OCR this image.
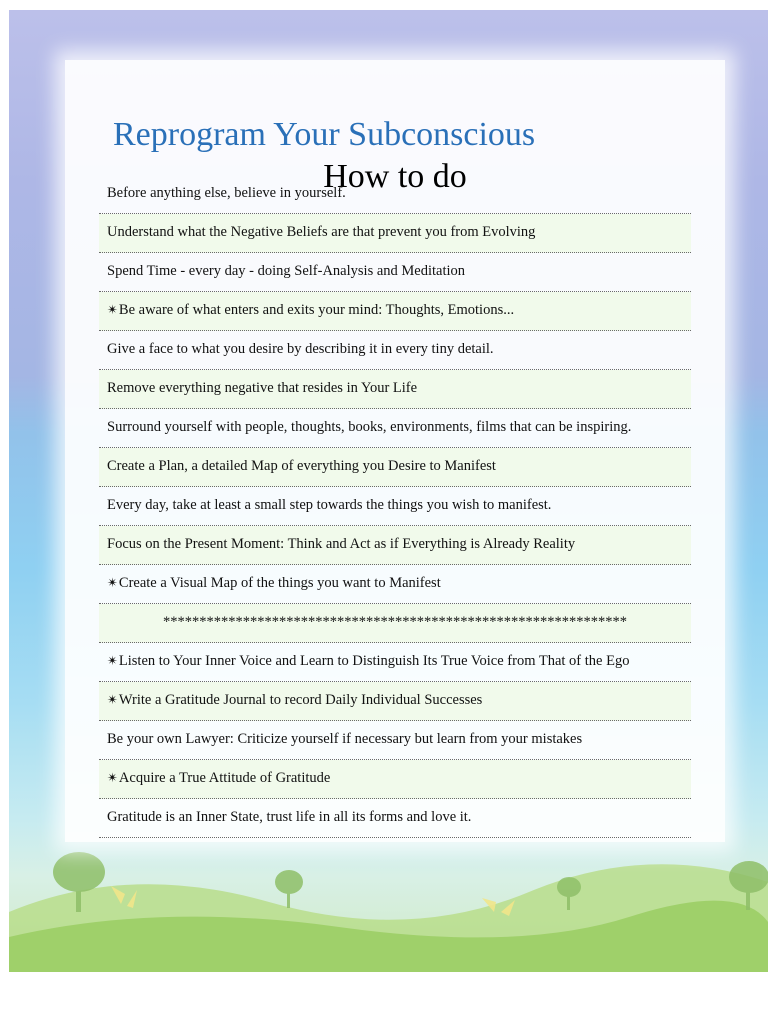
Reprogram Your Subconscious
How to do
Before anything else, believe in yourself.
Understand what the Negative Beliefs are that prevent you from Evolving
Spend Time - every day - doing Self-Analysis and Meditation
✴Be aware of what enters and exits your mind: Thoughts, Emotions...
Give a face to what you desire by describing it in every tiny detail.
Remove everything negative that resides in Your Life
Surround yourself with people, thoughts, books, environments, films that can be inspiring.
Create a Plan, a detailed Map of everything you Desire to Manifest
Every day, take at least a small step towards the things you wish to manifest.
Focus on the Present Moment: Think and Act as if Everything is Already Reality
✴Create a Visual Map of the things you want to Manifest
****************************************************************
✴Listen to Your Inner Voice and Learn to Distinguish Its True Voice from That of the Ego
✴Write a Gratitude Journal to record Daily Individual Successes
Be your own Lawyer: Criticize yourself if necessary but learn from your mistakes
✴Acquire a True Attitude of Gratitude
Gratitude is an Inner State, trust life in all its forms and love it.
